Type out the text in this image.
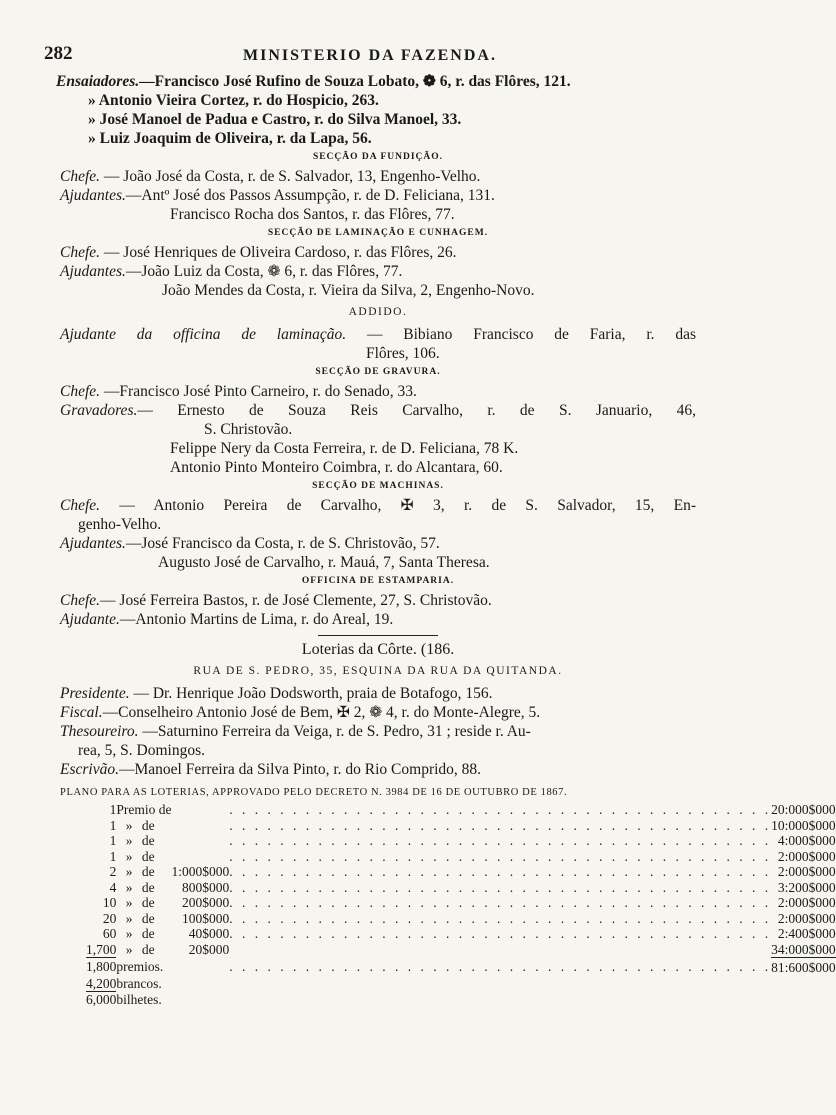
282	MINISTERIO DA FAZENDA.
Ensaiadores.—Francisco José Rufino de Souza Lobato, ❁ 6, r. das Flôres, 121.
» Antonio Vieira Cortez, r. do Hospicio, 263.
» José Manoel de Padua e Castro, r. do Silva Manoel, 33.
» Luiz Joaquim de Oliveira, r. da Lapa, 56.
SECÇÃO DA FUNDIÇÃO.
Chefe. — João José da Costa, r. de S. Salvador, 13, Engenho-Velho.
Ajudantes.—Antº José dos Passos Assumpção, r. de D. Feliciana, 131.
Francisco Rocha dos Santos, r. das Flôres, 77.
SECÇÃO DE LAMINAÇÃO E CUNHAGEM.
Chefe. — José Henriques de Oliveira Cardoso, r. das Flôres, 26.
Ajudantes.—João Luiz da Costa, ❁ 6, r. das Flôres, 77.
João Mendes da Costa, r. Vieira da Silva, 2, Engenho-Novo.
ADDIDO.
Ajudante da officina de laminação. — Bibiano Francisco de Faria, r. das
Flôres, 106.
SECÇÃO DE GRAVURA.
Chefe. —Francisco José Pinto Carneiro, r. do Senado, 33.
Gravadores.— Ernesto de Souza Reis Carvalho, r. de S. Januario, 46,
S. Christovão.
Felippe Nery da Costa Ferreira, r. de D. Feliciana, 78 K.
Antonio Pinto Monteiro Coimbra, r. do Alcantara, 60.
SECÇÃO DE MACHINAS.
Chefe. — Antonio Pereira de Carvalho, ✠ 3, r. de S. Salvador, 15, En-
genho-Velho.
Ajudantes.—José Francisco da Costa, r. de S. Christovão, 57.
Augusto José de Carvalho, r. Mauá, 7, Santa Theresa.
OFFICINA DE ESTAMPARIA.
Chefe.— José Ferreira Bastos, r. de José Clemente, 27, S. Christovão.
Ajudante.—Antonio Martins de Lima, r. do Areal, 19.
Loterias da Côrte. (186.
RUA DE S. PEDRO, 35, ESQUINA DA RUA DA QUITANDA.
Presidente. — Dr. Henrique João Dodsworth, praia de Botafogo, 156.
Fiscal.—Conselheiro Antonio José de Bem, ✠ 2, ❁ 4, r. do Monte-Alegre, 5.
Thesoureiro. —Saturnino Ferreira da Veiga, r. de S. Pedro, 31 ; reside r. Au-
rea, 5, S. Domingos.
Escrivão.—Manoel Ferreira da Silva Pinto, r. do Rio Comprido, 88.
PLANO PARA AS LOTERIAS, APPROVADO PELO DECRETO N. 3984 DE 16 DE OUTUBRO DE 1867.
1	Premio de			. . . . . . . . . . . . . . . . . . . . . . . . . . . . . . . . . . . . . . . . . . .	20:000$000
1	»	de		. . . . . . . . . . . . . . . . . . . . . . . . . . . . . . . . . . . . . . . . . . .	10:000$000
1	»	de		. . . . . . . . . . . . . . . . . . . . . . . . . . . . . . . . . . . . . . . . . . .	4:000$000
1	»	de		. . . . . . . . . . . . . . . . . . . . . . . . . . . . . . . . . . . . . . . . . . .	2:000$000
2	»	de	1:000$000	. . . . . . . . . . . . . . . . . . . . . . . . . . . . . . . . . . . . . . . . . . .	2:000$000
4	»	de	800$000	. . . . . . . . . . . . . . . . . . . . . . . . . . . . . . . . . . . . . . . . . . .	3:200$000
10	»	de	200$000	. . . . . . . . . . . . . . . . . . . . . . . . . . . . . . . . . . . . . . . . . . .	2:000$000
20	»	de	100$000	. . . . . . . . . . . . . . . . . . . . . . . . . . . . . . . . . . . . . . . . . . .	2:000$000
60	»	de	40$000	. . . . . . . . . . . . . . . . . . . . . . . . . . . . . . . . . . . . . . . . . . .	2:400$000
1,700	»	de	20$000		34:000$000
1,800	premios.			. . . . . . . . . . . . . . . . . . . . . . . . . . . . . . . . . . . . . . . . . . .	81:600$000
4,200	brancos.				
6,000	bilhetes.				
